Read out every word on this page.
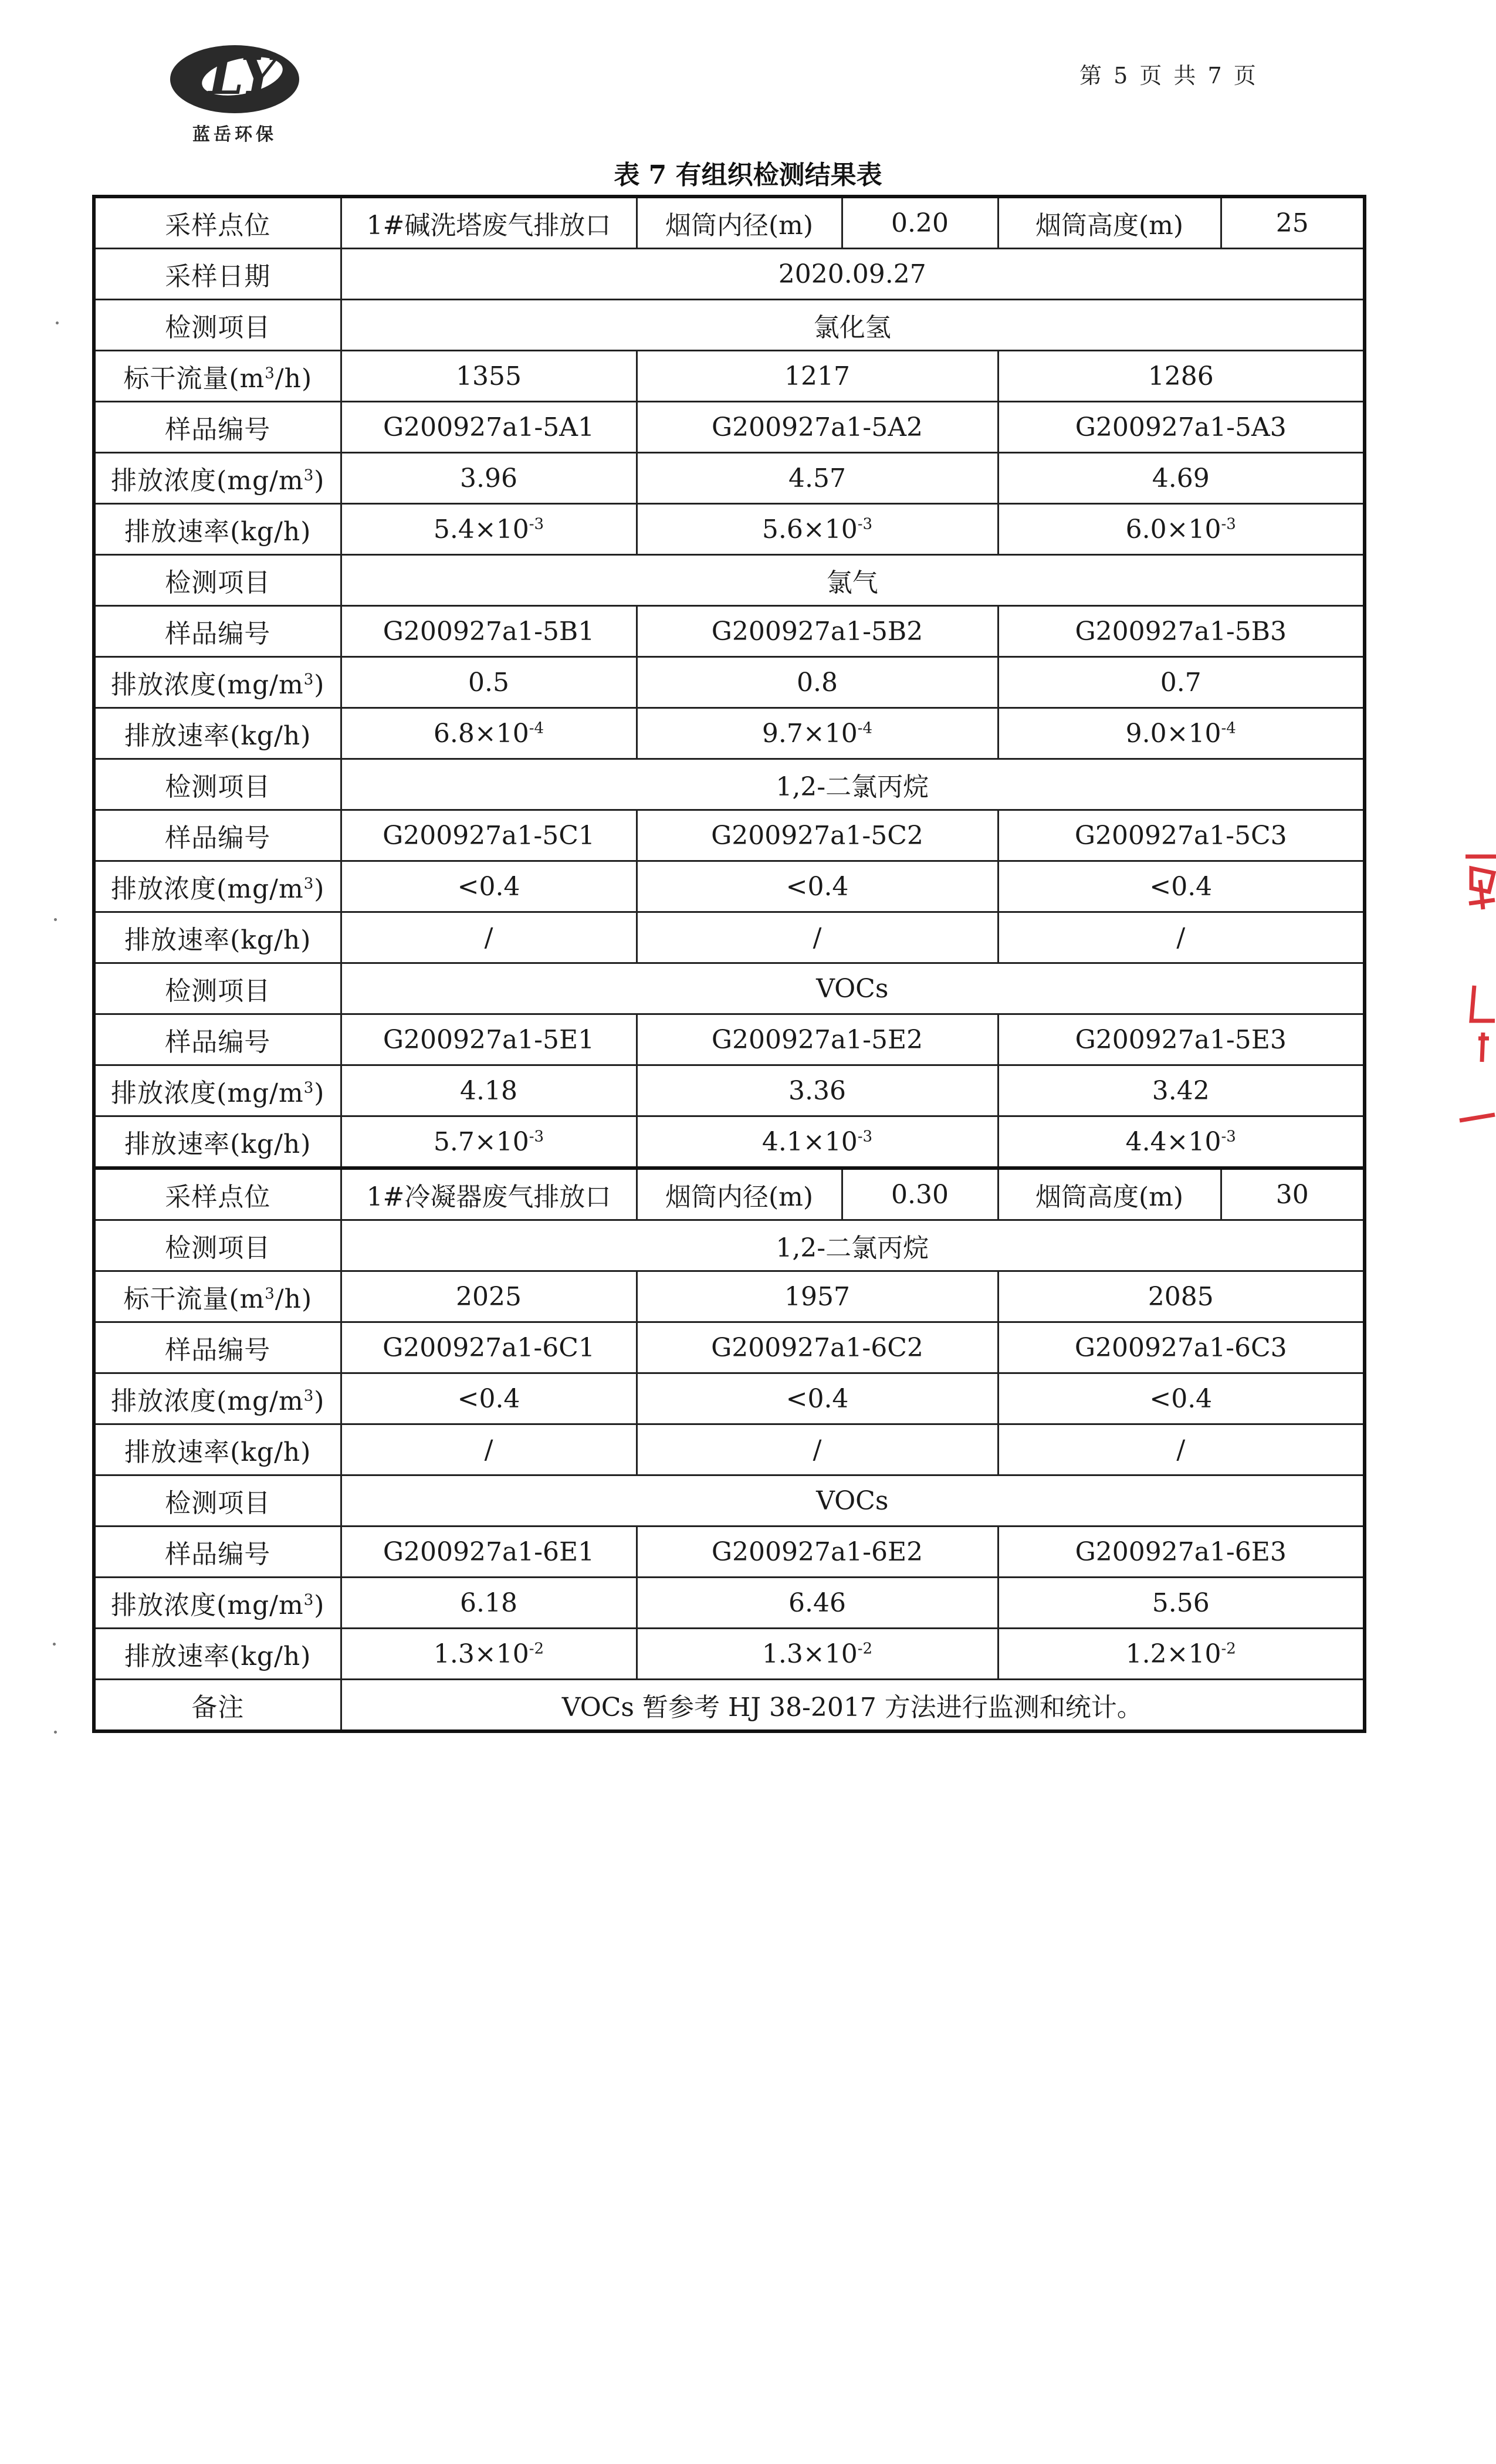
LY
蓝岳环保
第 5 页 共 7 页
表 7 有组织检测结果表
采样点位	1#碱洗塔废气排放口	烟筒内径(m)	0.20	烟筒高度(m)	25
采样日期	2020.09.27				
检测项目	氯化氢				
标干流量$(m^3/h)$	1355	1217		1286	
样品编号	G200927a1-5A1	G200927a1-5A2		G200927a1-5A3	
排放浓度$(mg/m^3)$	3.96	4.57		4.69	
排放速率(kg/h)	$5.4\times 10^{-3}$	$5.6\times 10^{-3}$		$6.0\times 10^{-3}$
检测项目	氯气				
样品编号	G200927a1-5B1	G200927a1-5B2		G200927a1-5B3	
排放浓度$(mg/m^3)$	0.5	0.8		0.7	
排放速率(kg/h)	$6.8\times 10^{-4}$	$9.7\times 10^{-4}$		$9.0\times 10^{-4}$
检测项目	1,2-二氯丙烷				
样品编号	G200927a1-5C1	G200927a1-5C2		G200927a1-5C3	
排放浓度$(mg/m^3)$	<0.4	<0.4		<0.4	
排放速率(kg/h)	/	/		/	
检测项目	VOCs				
样品编号	G200927a1-5E1	G200927a1-5E2		G200927a1-5E3	
排放浓度$(mg/m^3)$	4.18	3.36		3.42	
排放速率(kg/h)	$5.7\times 10^{-3}$	$4.1\times 10^{-3}$		$4.4\times 10^{-3}$
采样点位	1#冷凝器废气排放口	烟筒内径(m)	0.30	烟筒高度(m)	30
检测项目	1,2-二氯丙烷				
标干流量$(m^3/h)$	2025	1957		2085	
样品编号	G200927a1-6C1	G200927a1-6C2		G200927a1-6C3	
排放浓度$(mg/m^3)$	<0.4	<0.4		<0.4	
排放速率(kg/h)	/	/		/	
检测项目	VOCs				
样品编号	G200927a1-6E1	G200927a1-6E2		G200927a1-6E3	
排放浓度$(mg/m^3)$	6.18	6.46		5.56	
排放速率(kg/h)	$1.3\times 10^{-2}$	$1.3\times 10^{-2}$		$1.2\times 10^{-2}$
备注	VOCs 暂参考 HJ 38-2017 方法进行监测和统计。				
